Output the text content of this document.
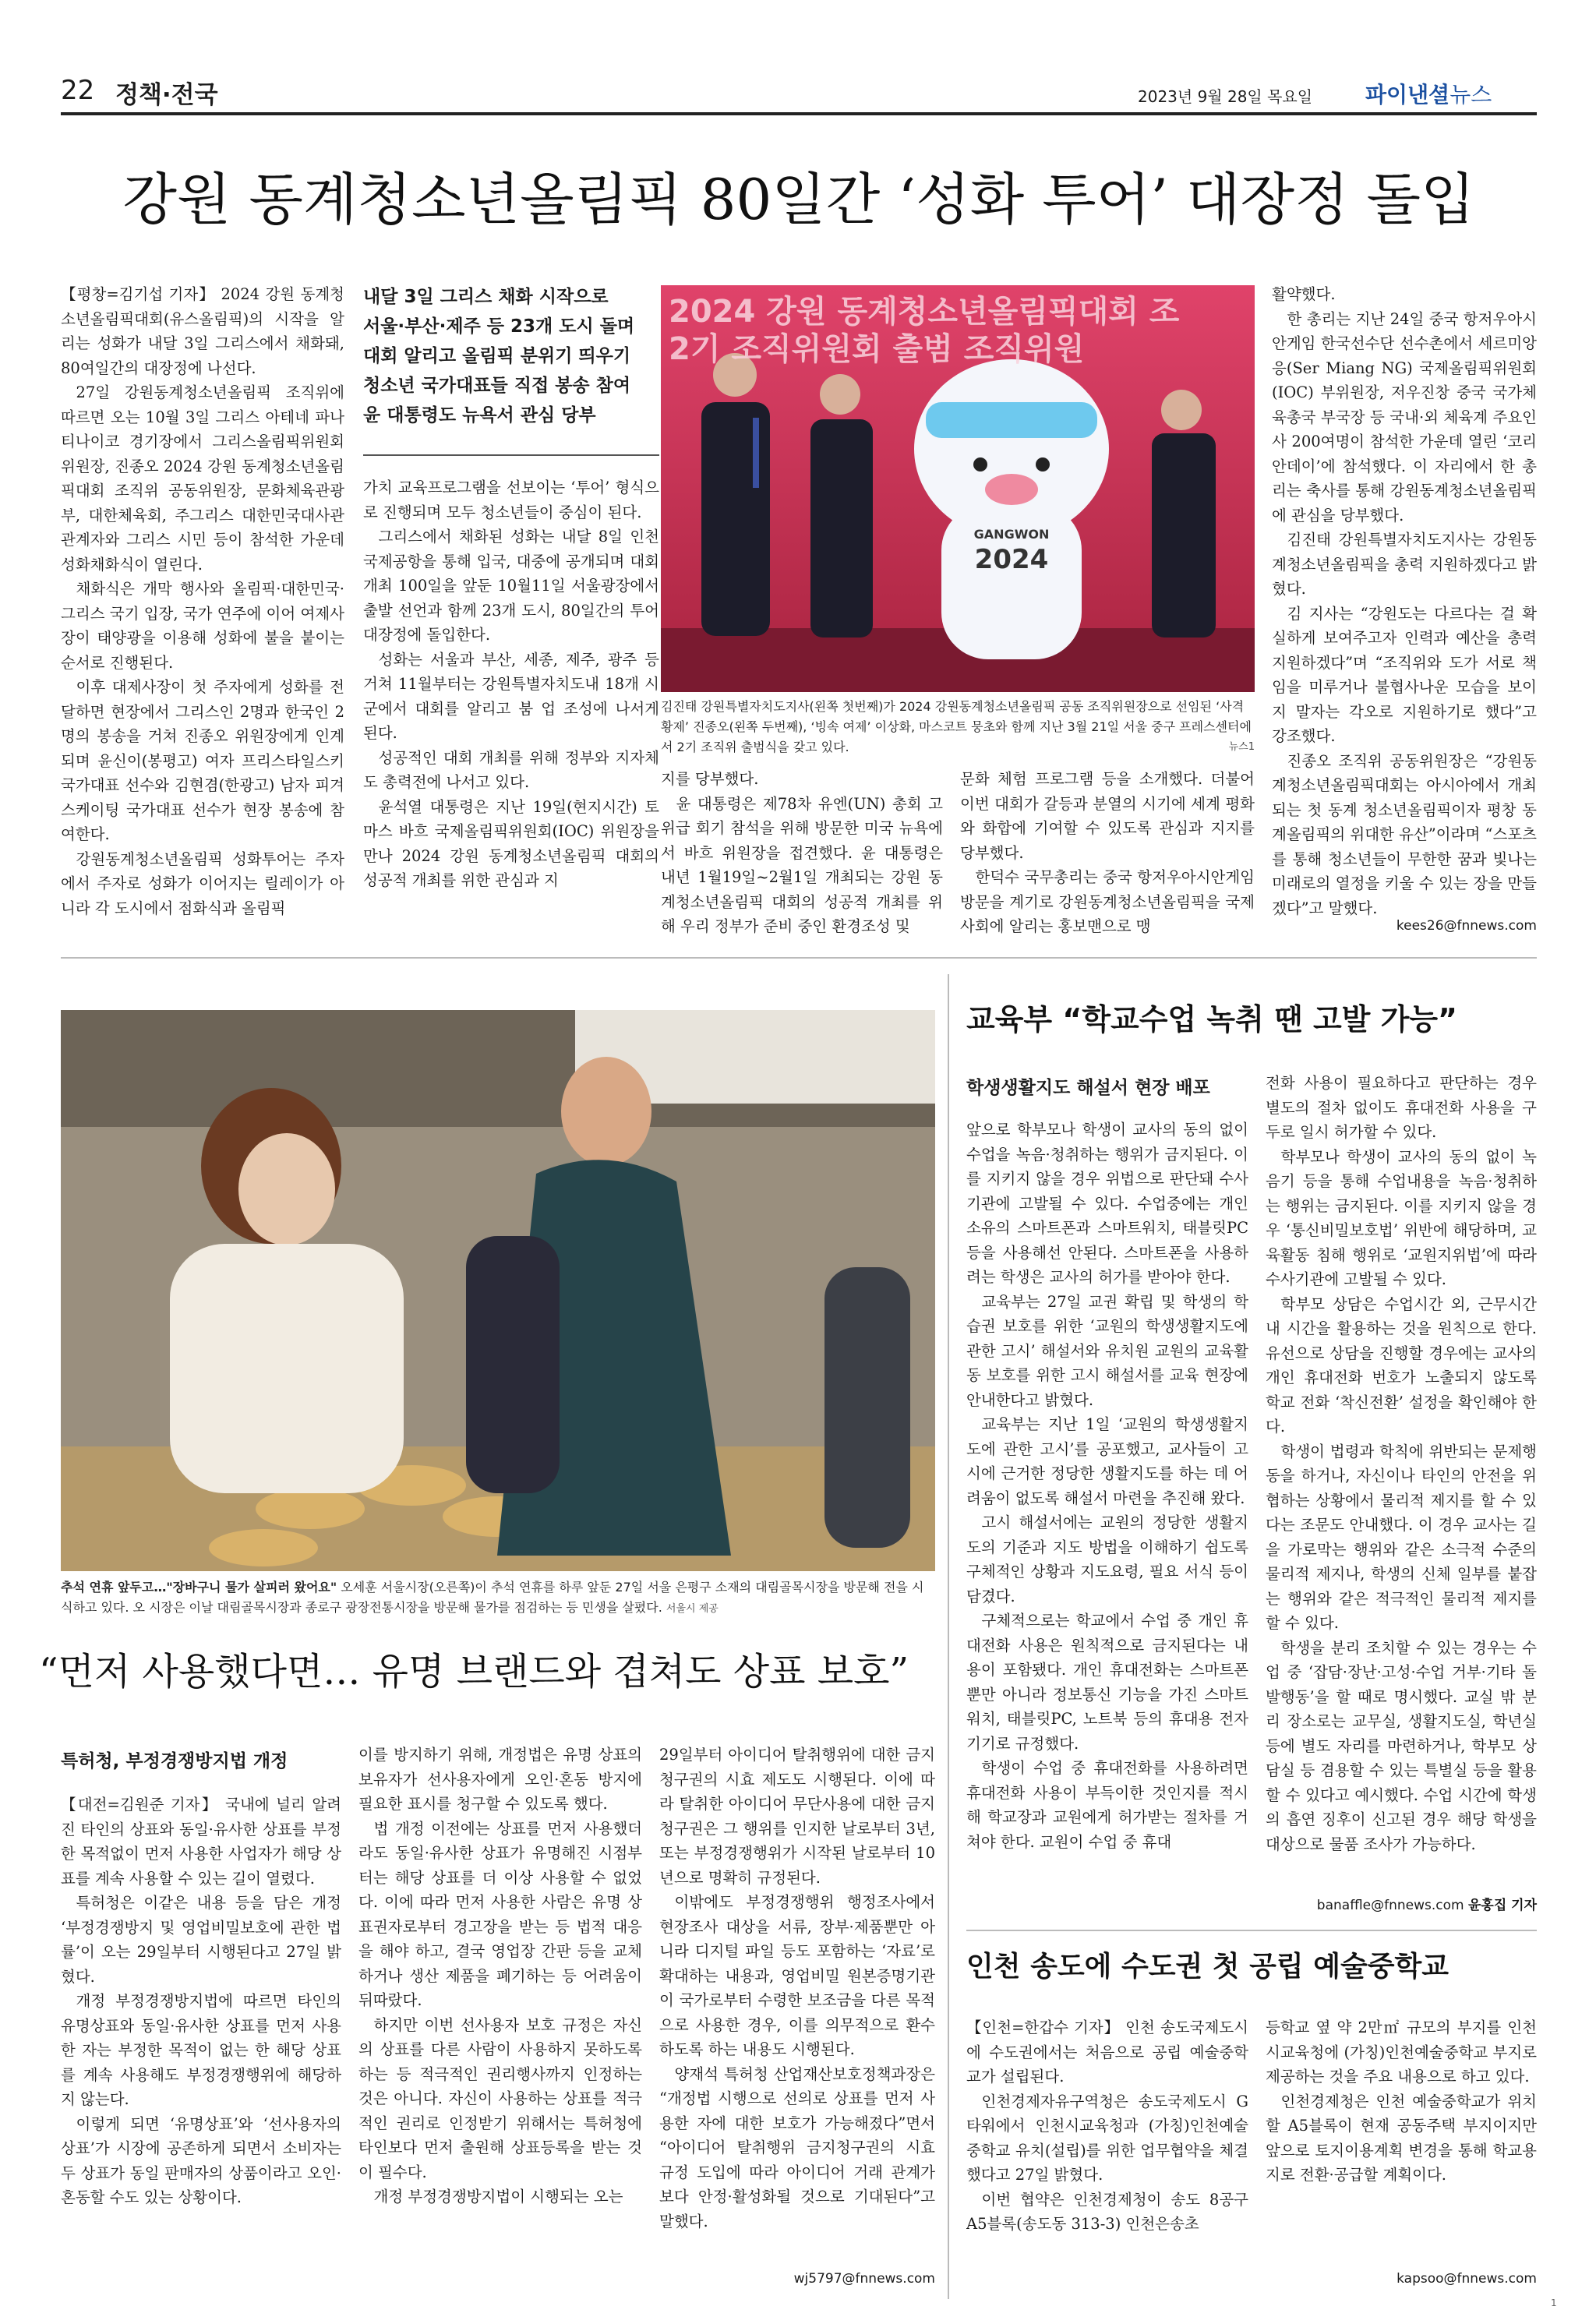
22 정책·전국	2023년 9월 28일 목요일 파이낸셜뉴스
강원 동계청소년올림픽 80일간 ‘성화 투어’ 대장정 돌입

【평창=김기섭 기자】 2024 강원 동계청소년올림픽대회(유스올림픽)의 시작을 알리는 성화가 내달 3일 그리스에서 채화돼, 80여일간의 대장정에 나선다.

27일 강원동계청소년올림픽 조직위에 따르면 오는 10월 3일 그리스 아테네 파나티나이코 경기장에서 그리스올림픽위원회 위원장, 진종오 2024 강원 동계청소년올림픽대회 조직위 공동위원장, 문화체육관광부, 대한체육회, 주그리스 대한민국대사관 관계자와 그리스 시민 등이 참석한 가운데 성화채화식이 열린다.

채화식은 개막 행사와 올림픽·대한민국·그리스 국기 입장, 국가 연주에 이어 여제사장이 태양광을 이용해 성화에 불을 붙이는 순서로 진행된다.

이후 대제사장이 첫 주자에게 성화를 전달하면 현장에서 그리스인 2명과 한국인 2명의 봉송을 거쳐 진종오 위원장에게 인계되며 윤신이(봉평고) 여자 프리스타일스키 국가대표 선수와 김현겸(한광고) 남자 피겨스케이팅 국가대표 선수가 현장 봉송에 참여한다.

강원동계청소년올림픽 성화투어는 주자에서 주자로 성화가 이어지는 릴레이가 아니라 각 도시에서 점화식과 올림픽

내달 3일 그리스 채화 시작으로
서울·부산·제주 등 23개 도시 돌며
대회 알리고 올림픽 분위기 띄우기
청소년 국가대표들 직접 봉송 참여
윤 대통령도 뉴욕서 관심 당부

가치 교육프로그램을 선보이는 ‘투어’ 형식으로 진행되며 모두 청소년들이 중심이 된다.

그리스에서 채화된 성화는 내달 8일 인천국제공항을 통해 입국, 대중에 공개되며 대회 개최 100일을 앞둔 10월11일 서울광장에서 출발 선언과 함께 23개 도시, 80일간의 투어 대장정에 돌입한다.

성화는 서울과 부산, 세종, 제주, 광주 등 거쳐 11월부터는 강원특별자치도내 18개 시군에서 대회를 알리고 붐 업 조성에 나서게 된다.

성공적인 대회 개최를 위해 정부와 지자체도 총력전에 나서고 있다.

윤석열 대통령은 지난 19일(현지시간) 토마스 바흐 국제올림픽위원회(IOC) 위원장을 만나 2024 강원 동계청소년올림픽 대회의 성공적 개최를 위한 관심과 지

2024 강원 동계청소년올림픽대회 조
2기 조직위원회 출범 조직위원
GANGWON
2024
김진태 강원특별자치도지사(왼쪽 첫번째)가 2024 강원동계청소년올림픽 공동 조직위원장으로 선임된 ‘사격 황제’ 진종오(왼쪽 두번째), ‘빙속 여제’ 이상화, 마스코트 뭉초와 함께 지난 3월 21일 서울 중구 프레스센터에서 2기 조직위 출범식을 갖고 있다.	뉴스1

지를 당부했다.

윤 대통령은 제78차 유엔(UN) 총회 고위급 회기 참석을 위해 방문한 미국 뉴욕에서 바흐 위원장을 접견했다. 윤 대통령은 내년 1월19일~2월1일 개최되는 강원 동계청소년올림픽 대회의 성공적 개최를 위해 우리 정부가 준비 중인 환경조성 및

문화 체험 프로그램 등을 소개했다. 더불어 이번 대회가 갈등과 분열의 시기에 세계 평화와 화합에 기여할 수 있도록 관심과 지지를 당부했다.

한덕수 국무총리는 중국 항저우아시안게임 방문을 계기로 강원동계청소년올림픽을 국제사회에 알리는 홍보맨으로 맹

활약했다.

한 총리는 지난 24일 중국 항저우아시안게임 한국선수단 선수촌에서 세르미앙응(Ser Miang NG) 국제올림픽위원회(IOC) 부위원장, 저우진창 중국 국가체육총국 부국장 등 국내·외 체육계 주요인사 200여명이 참석한 가운데 열린 ‘코리안데이’에 참석했다. 이 자리에서 한 총리는 축사를 통해 강원동계청소년올림픽에 관심을 당부했다.

김진태 강원특별자치도지사는 강원동계청소년올림픽을 총력 지원하겠다고 밝혔다.

김 지사는 “강원도는 다르다는 걸 확실하게 보여주고자 인력과 예산을 총력 지원하겠다”며 “조직위와 도가 서로 책임을 미루거나 불협사나운 모습을 보이지 말자는 각오로 지원하기로 했다”고 강조했다.

진종오 조직위 공동위원장은 “강원동계청소년올림픽대회는 아시아에서 개최되는 첫 동계 청소년올림픽이자 평창 동계올림픽의 위대한 유산”이라며 “스포츠를 통해 청소년들이 무한한 꿈과 빛나는 미래로의 열정을 키울 수 있는 장을 만들겠다”고 말했다.

kees26@fnnews.com
추석 연휴 앞두고…"장바구니 물가 살피러 왔어요" 오세훈 서울시장(오른쪽)이 추석 연휴를 하루 앞둔 27일 서울 은평구 소재의 대림골목시장을 방문해 전을 시식하고 있다. 오 시장은 이날 대림골목시장과 종로구 광장전통시장을 방문해 물가를 점검하는 등 민생을 살폈다. 서울시 제공
“먼저 사용했다면… 유명 브랜드와 겹쳐도 상표 보호”
특허청, 부정경쟁방지법 개정

【대전=김원준 기자】 국내에 널리 알려진 타인의 상표와 동일·유사한 상표를 부정한 목적없이 먼저 사용한 사업자가 해당 상표를 계속 사용할 수 있는 길이 열렸다.

특허청은 이같은 내용 등을 담은 개정 ‘부정경쟁방지 및 영업비밀보호에 관한 법률’이 오는 29일부터 시행된다고 27일 밝혔다.

개정 부정경쟁방지법에 따르면 타인의 유명상표와 동일·유사한 상표를 먼저 사용한 자는 부정한 목적이 없는 한 해당 상표를 계속 사용해도 부정경쟁행위에 해당하지 않는다.

이렇게 되면 ‘유명상표’와 ‘선사용자의 상표’가 시장에 공존하게 되면서 소비자는 두 상표가 동일 판매자의 상품이라고 오인·혼동할 수도 있는 상황이다.

이를 방지하기 위해, 개정법은 유명 상표의 보유자가 선사용자에게 오인·혼동 방지에 필요한 표시를 청구할 수 있도록 했다.

법 개정 이전에는 상표를 먼저 사용했더라도 동일·유사한 상표가 유명해진 시점부터는 해당 상표를 더 이상 사용할 수 없었다. 이에 따라 먼저 사용한 사람은 유명 상표권자로부터 경고장을 받는 등 법적 대응을 해야 하고, 결국 영업장 간판 등을 교체하거나 생산 제품을 폐기하는 등 어려움이 뒤따랐다.

하지만 이번 선사용자 보호 규정은 자신의 상표를 다른 사람이 사용하지 못하도록 하는 등 적극적인 권리행사까지 인정하는 것은 아니다. 자신이 사용하는 상표를 적극적인 권리로 인정받기 위해서는 특허청에 타인보다 먼저 출원해 상표등록을 받는 것이 필수다.

개정 부정경쟁방지법이 시행되는 오는

29일부터 아이디어 탈취행위에 대한 금지청구권의 시효 제도도 시행된다. 이에 따라 탈취한 아이디어 무단사용에 대한 금지청구권은 그 행위를 인지한 날로부터 3년, 또는 부정경쟁행위가 시작된 날로부터 10년으로 명확히 규정된다.

이밖에도 부정경쟁행위 행정조사에서 현장조사 대상을 서류, 장부·제품뿐만 아니라 디지털 파일 등도 포함하는 ‘자료’로 확대하는 내용과, 영업비밀 원본증명기관이 국가로부터 수령한 보조금을 다른 목적으로 사용한 경우, 이를 의무적으로 환수하도록 하는 내용도 시행된다.

양재석 특허청 산업재산보호정책과장은 “개정법 시행으로 선의로 상표를 먼저 사용한 자에 대한 보호가 가능해졌다”면서 “아이디어 탈취행위 금지청구권의 시효 규정 도입에 따라 아이디어 거래 관계가 보다 안정·활성화될 것으로 기대된다”고 말했다.

wj5797@fnnews.com
교육부 “학교수업 녹취 땐 고발 가능”
학생생활지도 해설서 현장 배포

앞으로 학부모나 학생이 교사의 동의 없이 수업을 녹음·청취하는 행위가 금지된다. 이를 지키지 않을 경우 위법으로 판단돼 수사기관에 고발될 수 있다. 수업중에는 개인 소유의 스마트폰과 스마트워치, 태블릿PC 등을 사용해선 안된다. 스마트폰을 사용하려는 학생은 교사의 허가를 받아야 한다.

교육부는 27일 교권 확립 및 학생의 학습권 보호를 위한 ‘교원의 학생생활지도에 관한 고시’ 해설서와 유치원 교원의 교육활동 보호를 위한 고시 해설서를 교육 현장에 안내한다고 밝혔다.

교육부는 지난 1일 ‘교원의 학생생활지도에 관한 고시’를 공포했고, 교사들이 고시에 근거한 정당한 생활지도를 하는 데 어려움이 없도록 해설서 마련을 추진해 왔다.

고시 해설서에는 교원의 정당한 생활지도의 기준과 지도 방법을 이해하기 쉽도록 구체적인 상황과 지도요령, 필요 서식 등이 담겼다.

구체적으로는 학교에서 수업 중 개인 휴대전화 사용은 원칙적으로 금지된다는 내용이 포함됐다. 개인 휴대전화는 스마트폰 뿐만 아니라 정보통신 기능을 가진 스마트워치, 태블릿PC, 노트북 등의 휴대용 전자기기로 규정했다.

학생이 수업 중 휴대전화를 사용하려면 휴대전화 사용이 부득이한 것인지를 적시해 학교장과 교원에게 허가받는 절차를 거쳐야 한다. 교원이 수업 중 휴대

전화 사용이 필요하다고 판단하는 경우 별도의 절차 없이도 휴대전화 사용을 구두로 일시 허가할 수 있다.

학부모나 학생이 교사의 동의 없이 녹음기 등을 통해 수업내용을 녹음·청취하는 행위는 금지된다. 이를 지키지 않을 경우 ‘통신비밀보호법’ 위반에 해당하며, 교육활동 침해 행위로 ‘교원지위법’에 따라 수사기관에 고발될 수 있다.

학부모 상담은 수업시간 외, 근무시간 내 시간을 활용하는 것을 원칙으로 한다. 유선으로 상담을 진행할 경우에는 교사의 개인 휴대전화 번호가 노출되지 않도록 학교 전화 ‘착신전환’ 설정을 확인해야 한다.

학생이 법령과 학칙에 위반되는 문제행동을 하거나, 자신이나 타인의 안전을 위협하는 상황에서 물리적 제지를 할 수 있다는 조문도 안내했다. 이 경우 교사는 길을 가로막는 행위와 같은 소극적 수준의 물리적 제지나, 학생의 신체 일부를 붙잡는 행위와 같은 적극적인 물리적 제지를 할 수 있다.

학생을 분리 조치할 수 있는 경우는 수업 중 ‘잡담·장난·고성·수업 거부·기타 돌발행동’을 할 때로 명시했다. 교실 밖 분리 장소로는 교무실, 생활지도실, 학년실 등에 별도 자리를 마련하거나, 학부모 상담실 등 겸용할 수 있는 특별실 등을 활용할 수 있다고 예시했다. 수업 시간에 학생의 흡연 징후이 신고된 경우 해당 학생을 대상으로 물품 조사가 가능하다.

banaffle@fnnews.com 윤홍집 기자
인천 송도에 수도권 첫 공립 예술중학교

【인천=한갑수 기자】 인천 송도국제도시에 수도권에서는 처음으로 공립 예술중학교가 설립된다.

인천경제자유구역청은 송도국제도시 G타워에서 인천시교육청과 (가칭)인천예술중학교 유치(설립)를 위한 업무협약을 체결했다고 27일 밝혔다.

이번 협약은 인천경제청이 송도 8공구 A5블록(송도동 313-3) 인천은송초

등학교 옆 약 2만㎡ 규모의 부지를 인천시교육청에 (가칭)인천예술중학교 부지로 제공하는 것을 주요 내용으로 하고 있다.

인천경제청은 인천 예술중학교가 위치할 A5블록이 현재 공동주택 부지이지만 앞으로 토지이용계획 변경을 통해 학교용지로 전환·공급할 계획이다.

kapsoo@fnnews.com
1
